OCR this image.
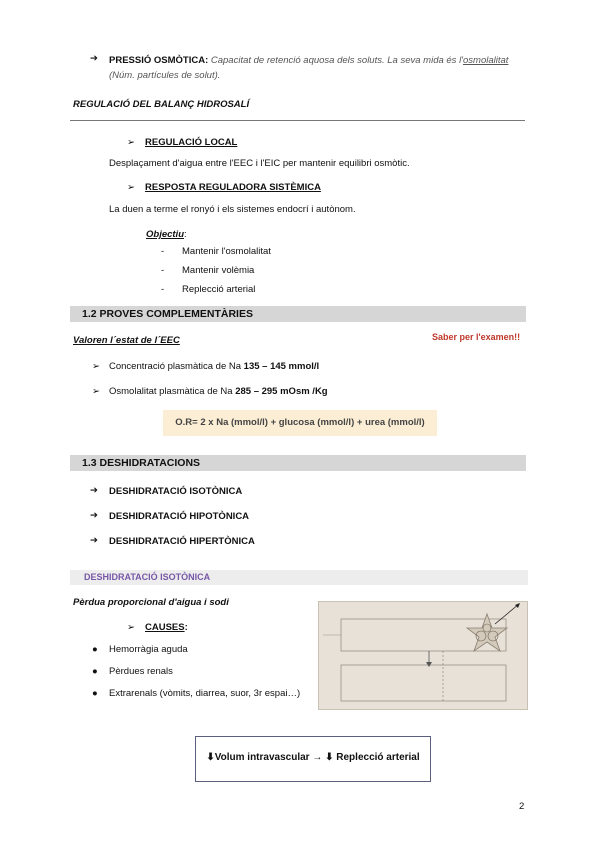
➔ PRESSIÓ OSMÒTICA: Capacitat de retenció aquosa dels soluts. La seva mida és l'osmolalitat
(Núm. partícules de solut).
REGULACIÓ DEL BALANÇ HIDROSALÍ
➢ REGULACIÓ LOCAL
Desplaçament d'aigua entre l'EEC i l'EIC per mantenir equilibri osmòtic.
➢ RESPOSTA REGULADORA SISTÈMICA
La duen a terme el ronyó i els sistemes endocrí i autònom.
Objectiu:
- Mantenir l'osmolalitat
- Mantenir volèmia
- Replecció arterial
1.2 PROVES COMPLEMENTÀRIES
Valoren l´estat de l´EEC	Saber per l'examen!!
➢ Concentració plasmàtica de Na 135 – 145 mmol/l
➢ Osmolalitat plasmàtica de Na 285 – 295 mOsm /Kg
O.R= 2 x Na (mmol/l) + glucosa (mmol/l) + urea (mmol/l)
1.3 DESHIDRATACIONS
➔ DESHIDRATACIÓ ISOTÒNICA
➔ DESHIDRATACIÓ HIPOTÒNICA
➔ DESHIDRATACIÓ HIPERTÒNICA
DESHIDRATACIÓ ISOTÒNICA
Pèrdua proporcional d'aigua i sodi
➢ CAUSES:
● Hemorràgia aguda
● Pèrdues renals
● Extrarenals (vòmits, diarrea, suor, 3r espai…)
⬇Volum intravascular → ⬇ Replecció arterial
2
